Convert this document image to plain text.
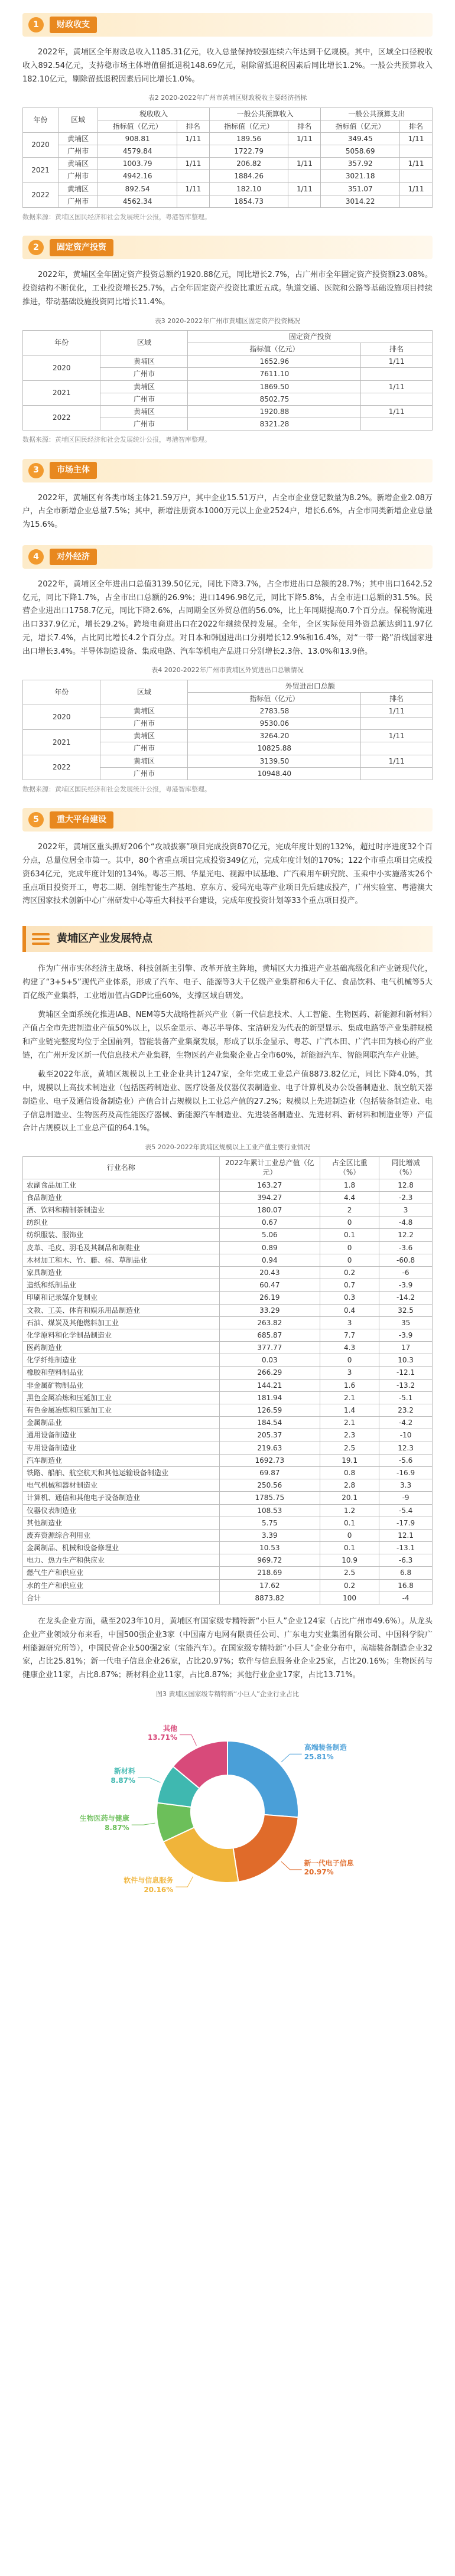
1	财政收支

2022年，黄埔区全年财政总收入1185.31亿元，收入总量保持较强连续六年达到千亿规模。其中，区域全口径税收收入892.54亿元，支持稳市场主体增值留抵退税148.69亿元，剔除留抵退税因素后同比增长1.2%。一般公共预算收入182.10亿元，剔除留抵退税因素后同比增长1.0%。

表2 2020-2022年广州市黄埔区财政税收主要经济指标
年份	区域	税收收入		一般公共预算收入		一般公共预算支出	
		指标值（亿元）	排名	指标值（亿元）	排名	指标值（亿元）	排名
2020	黄埔区	908.81	1/11	189.56	1/11	349.45	1/11
	广州市	4579.84		1722.79		5058.69	
2021	黄埔区	1003.79	1/11	206.82	1/11	357.92	1/11
	广州市	4942.16		1884.26		3021.18	
2022	黄埔区	892.54	1/11	182.10	1/11	351.07	1/11
	广州市	4562.34		1854.73		3014.22	
数据来源：黄埔区国民经济和社会发展统计公报，粤港智库整理。
2	固定资产投资

2022年，黄埔区全年固定资产投资总额约1920.88亿元，同比增长2.7%，占广州市全年固定资产投资额23.08%。投资结构不断优化，工业投资增长25.7%，占全年固定资产投资比重近五成。轨道交通、医院和公路等基础设施项目持续推进，带动基础设施投资同比增长11.4%。

表3 2020-2022年广州市黄埔区固定资产投资概况
年份	区域	固定资产投资	
		指标值（亿元）	排名
2020	黄埔区	1652.96	1/11
	广州市	7611.10	
2021	黄埔区	1869.50	1/11
	广州市	8502.75	
2022	黄埔区	1920.88	1/11
	广州市	8321.28	
数据来源：黄埔区国民经济和社会发展统计公报，粤港智库整理。
3	市场主体

2022年，黄埔区有各类市场主体21.59万户，其中企业15.51万户，占全市企业登记数量为8.2%。新增企业2.08万户，占全市新增企业总量7.5%；其中，新增注册资本1000万元以上企业2524户，增长6.6%，占全市同类新增企业总量为15.6%。

4	对外经济

2022年，黄埔区全年进出口总值3139.50亿元，同比下降3.7%，占全市进出口总额的28.7%；其中出口1642.52亿元，同比下降1.7%，占全市出口总额的26.9%；进口1496.98亿元，同比下降5.8%，占全市进口总额的31.5%。民营企业进出口1758.7亿元，同比下降2.6%，占同期全区外贸总值的56.0%，比上年同期提高0.7个百分点。保税物流进出口337.9亿元，增长29.2%。跨境电商进出口在2022年继续保持发展。全年，全区实际使用外资总额达到11.97亿元，增长7.4%，占比同比增长4.2个百分点。对日本和韩国进出口分别增长12.9%和16.4%，对“一带一路”沿线国家进出口增长3.4%。半导体制造设备、集成电路、汽车等机电产品进口分别增长2.3倍、13.0%和13.9倍。

表4 2020-2022年广州市黄埔区外贸进出口总额情况
年份	区域	外贸进出口总额	
		指标值（亿元）	排名
2020	黄埔区	2783.58	1/11
	广州市	9530.06	
2021	黄埔区	3264.20	1/11
	广州市	10825.88	
2022	黄埔区	3139.50	1/11
	广州市	10948.40	
数据来源：黄埔区国民经济和社会发展统计公报，粤港智库整理。
5	重大平台建设

2022年，黄埔区重头抓好206个“攻城拔寨”项目完成投资870亿元，完成年度计划的132%，超过时序进度32个百分点，总量位居全市第一。其中，80个省重点项目完成投资349亿元，完成年度计划的170%；122个市重点项目完成投资634亿元，完成年度计划的134%。粤芯三期、华星光电、视源中试基地、广汽乘用车研究院、玉乘中小实施落实26个重点项目投资开工，粤芯二期、创维智能生产基地、京东方、爱玛光电等产业项目先后建成投产，广州实验室、粤港澳大湾区国家技术创新中心广州研发中心等重大科技平台建设，完成年度投资计划等33个重点项目投产。

黄埔区产业发展特点

作为广州市实体经济主战场、科技创新主引擎、改革开放主阵地，黄埔区大力推进产业基础高级化和产业链现代化，构建了“3+5+5”现代产业体系，形成了汽车、电子、能源等3大千亿级产业集群和6大千亿、食品饮料、电气机械等5大百亿级产业集群，工业增加值占GDP比重60%，支撑区域自研发。

黄埔区全面系统化推进IAB、NEM等5大战略性新兴产业（新一代信息技术、人工智能、生物医药、新能源和新材料）产值占全市先进制造业产值50%以上，以乐金显示、粤芯半导体、宝洁研发为代表的新型显示、集成电路等产业集群规模和产业链完整度均位于全国前列，智能装备产业集聚发展，形成了以乐金显示、粤芯、广汽本田、广汽丰田为核心的产业链，在广州开发区新一代信息技术产业集群，生物医药产业集聚企业占全市60%，新能源汽车、智能网联汽车产业链。

截至2022年底，黄埔区规模以上工业企业共计1247家，全年完成工业总产值8873.82亿元，同比下降4.0%，其中，规模以上高技术制造业（包括医药制造业、医疗设备及仪器仪表制造业、电子计算机及办公设备制造业、航空航天器制造业、电子及通信设备制造业）产值合计占规模以上工业总产值的27.2%；规模以上先进制造业（包括装备制造业、电子信息制造业、生物医药及高性能医疗器械、新能源汽车制造业、先进装备制造业、先进材料、新材料和制造业等）产值合计占规模以上工业总产值的64.1%。

表5 2020-2022年黄埔区规模以上工业产值主要行业情况
行业名称	2022年累计工业总产值（亿元）	占全区比重（%）	同比增减（%）
农副食品加工业	163.27	1.8	12.8
食品制造业	394.27	4.4	-2.3
酒、饮料和精制茶制造业	180.07	2	3
纺织业	0.67	0	-4.8
纺织服装、服饰业	5.06	0.1	12.2
皮革、毛皮、羽毛及其制品和制鞋业	0.89	0	-3.6
木材加工和木、竹、藤、棕、草制品业	0.94	0	-60.8
家具制造业	20.43	0.2	-6
造纸和纸制品业	60.47	0.7	-3.9
印刷和记录媒介复制业	26.19	0.3	-14.2
文教、工美、体育和娱乐用品制造业	33.29	0.4	32.5
石油、煤炭及其他燃料加工业	263.82	3	35
化学原料和化学制品制造业	685.87	7.7	-3.9
医药制造业	377.77	4.3	17
化学纤维制造业	0.03	0	10.3
橡胶和塑料制品业	266.29	3	-12.1
非金属矿物制品业	144.21	1.6	-13.2
黑色金属冶炼和压延加工业	181.94	2.1	-5.1
有色金属冶炼和压延加工业	126.59	1.4	23.2
金属制品业	184.54	2.1	-4.2
通用设备制造业	205.37	2.3	-10
专用设备制造业	219.63	2.5	12.3
汽车制造业	1692.73	19.1	-5.6
铁路、船舶、航空航天和其他运输设备制造业	69.87	0.8	-16.9
电气机械和器材制造业	250.56	2.8	3.3
计算机、通信和其他电子设备制造业	1785.75	20.1	-9
仪器仪表制造业	108.53	1.2	-5.4
其他制造业	5.75	0.1	-17.9
废弃资源综合利用业	3.39	0	12.1
金属制品、机械和设备修理业	10.53	0.1	-13.1
电力、热力生产和供应业	969.72	10.9	-6.3
燃气生产和供应业	218.69	2.5	6.8
水的生产和供应业	17.62	0.2	16.8
合计	8873.82	100	-4

在龙头企业方面，截至2023年10月，黄埔区有国家级专精特新“小巨人”企业124家（占比广州市49.6%）。从龙头企业产业领域分布来看，中国500强企业3家（中国南方电网有限责任公司、广东电力实业集团有限公司、中国科学院广州能源研究所等），中国民营企业500强2家（宝能汽车）。在国家级专精特新“小巨人”企业分布中，高端装备制造企业32家，占比25.81%；新一代电子信息企业26家，占比20.97%；软件与信息服务业企业25家，占比20.16%；生物医药与健康企业11家，占比8.87%；新材料企业11家，占比8.87%；其他行业企业17家，占比13.71%。

图3 黄埔区国家级专精特新“小巨人”企业行业占比
高端装备制造
25.81%
新一代电子信息
20.97%
软件与信息服务
20.16%
生物医药与健康
8.87%
新材料
8.87%
其他
13.71%
